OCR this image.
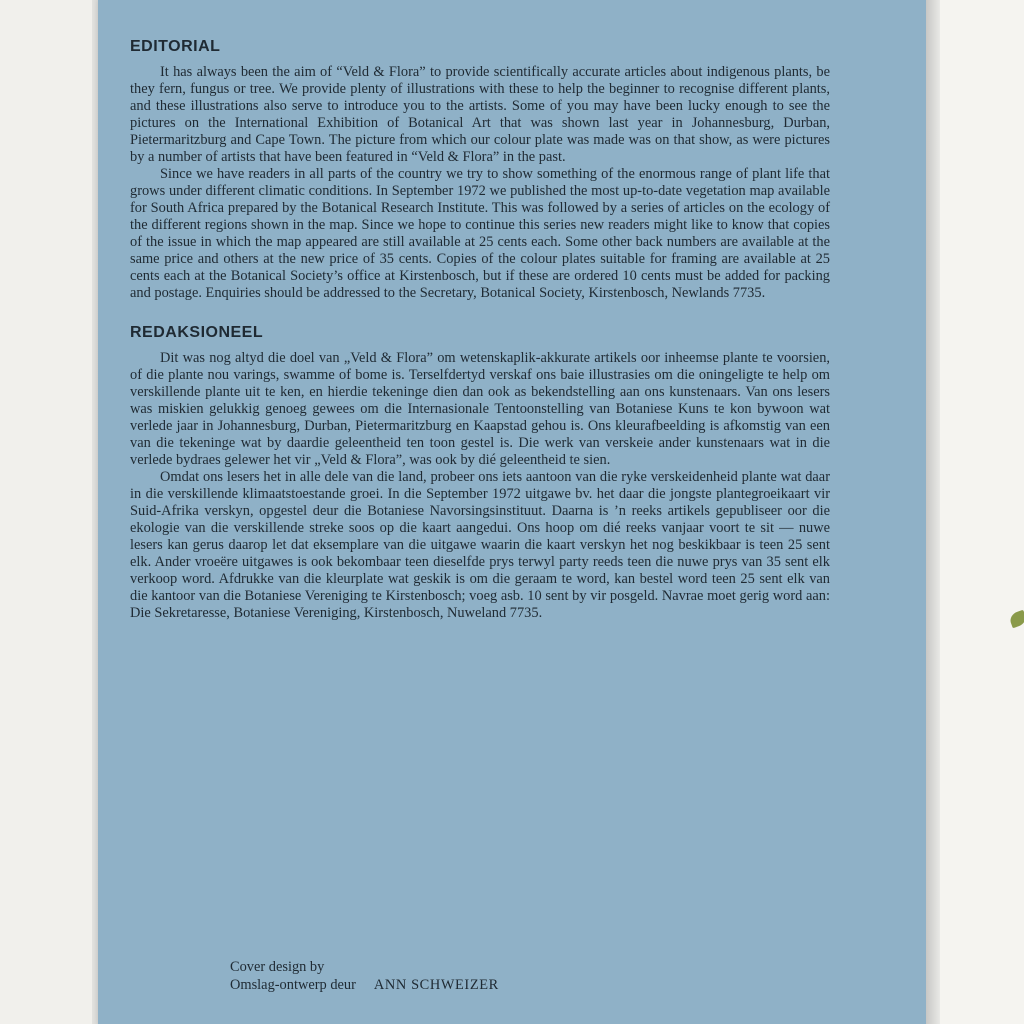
EDITORIAL

It has always been the aim of “Veld & Flora” to provide scientifically accurate articles about indigenous plants, be they fern, fungus or tree. We provide plenty of illustrations with these to help the beginner to recognise different plants, and these illustrations also serve to introduce you to the artists. Some of you may have been lucky enough to see the pictures on the International Exhibition of Botanical Art that was shown last year in Johannesburg, Durban, Pietermaritzburg and Cape Town. The picture from which our colour plate was made was on that show, as were pictures by a number of artists that have been featured in “Veld & Flora” in the past.

Since we have readers in all parts of the country we try to show something of the enormous range of plant life that grows under different climatic conditions. In September 1972 we published the most up-to-date vegetation map available for South Africa prepared by the Botanical Research Institute. This was followed by a series of articles on the ecology of the different regions shown in the map. Since we hope to continue this series new readers might like to know that copies of the issue in which the map appeared are still available at 25 cents each. Some other back numbers are available at the same price and others at the new price of 35 cents. Copies of the colour plates suitable for framing are available at 25 cents each at the Botanical Society’s office at Kirstenbosch, but if these are ordered 10 cents must be added for packing and postage. Enquiries should be addressed to the Secretary, Botanical Society, Kirstenbosch, Newlands 7735.

REDAKSIONEEL

Dit was nog altyd die doel van „Veld & Flora” om wetenskaplik-akkurate artikels oor inheemse plante te voorsien, of die plante nou varings, swamme of bome is. Terselfdertyd verskaf ons baie illustrasies om die oningeligte te help om verskillende plante uit te ken, en hierdie tekeninge dien dan ook as bekendstelling aan ons kunstenaars. Van ons lesers was miskien gelukkig genoeg gewees om die Internasionale Tentoonstelling van Botaniese Kuns te kon bywoon wat verlede jaar in Johannesburg, Durban, Pietermaritzburg en Kaapstad gehou is. Ons kleurafbeelding is afkomstig van een van die tekeninge wat by daardie geleentheid ten toon gestel is. Die werk van verskeie ander kunstenaars wat in die verlede bydraes gelewer het vir „Veld & Flora”, was ook by dié geleentheid te sien.

Omdat ons lesers het in alle dele van die land, probeer ons iets aantoon van die ryke verskeidenheid plante wat daar in die verskillende klimaatstoestande groei. In die September 1972 uitgawe bv. het daar die jongste plantegroeikaart vir Suid-Afrika verskyn, opgestel deur die Botaniese Navorsingsinstituut. Daarna is ’n reeks artikels gepubliseer oor die ekologie van die verskillende streke soos op die kaart aangedui. Ons hoop om dié reeks vanjaar voort te sit — nuwe lesers kan gerus daarop let dat eksemplare van die uitgawe waarin die kaart verskyn het nog beskikbaar is teen 25 sent elk. Ander vroeëre uitgawes is ook bekombaar teen dieselfde prys terwyl party reeds teen die nuwe prys van 35 sent elk verkoop word. Afdrukke van die kleurplate wat geskik is om die geraam te word, kan bestel word teen 25 sent elk van die kantoor van die Botaniese Vereniging te Kirstenbosch; voeg asb. 10 sent by vir posgeld. Navrae moet gerig word aan: Die Sekretaresse, Botaniese Vereniging, Kirstenbosch, Nuweland 7735.

Cover design by
Omslag-ontwerp deur ANN SCHWEIZER
